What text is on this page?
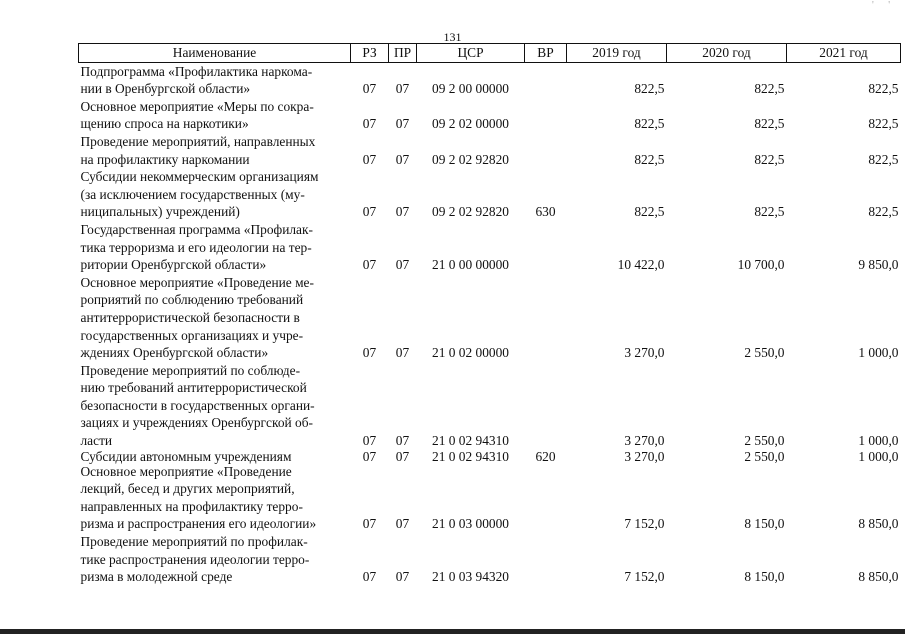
' '
131
Наименование	РЗ	ПР	ЦСР	ВР	2019 год	2020 год	2021 год

Подпрограмма «Профилактика наркома-
нии в Оренбургской области»	07	07	09 2 00 00000		822,5	822,5	822,5

Основное мероприятие «Меры по сокра-
щению спроса на наркотики»	07	07	09 2 02 00000		822,5	822,5	822,5

Проведение мероприятий, направленных
на профилактику наркомании	07	07	09 2 02 92820		822,5	822,5	822,5

Субсидии некоммерческим организациям
(за исключением государственных (му-
ниципальных) учреждений)	07	07	09 2 02 92820	630	822,5	822,5	822,5

Государственная программа «Профилак-
тика терроризма и его идеологии на тер-
ритории Оренбургской области»	07	07	21 0 00 00000		10 422,0	10 700,0	9 850,0

Основное мероприятие «Проведение ме-
роприятий по соблюдению требований
антитеррористической безопасности в
государственных организациях и учре-
ждениях Оренбургской области»	07	07	21 0 02 00000		3 270,0	2 550,0	1 000,0

Проведение мероприятий по соблюде-
нию требований антитеррористической
безопасности в государственных органи-
зациях и учреждениях Оренбургской об-
ласти	07	07	21 0 02 94310		3 270,0	2 550,0	1 000,0

Субсидии автономным учреждениям	07	07	21 0 02 94310	620	3 270,0	2 550,0	1 000,0

Основное мероприятие «Проведение
лекций, бесед и других мероприятий,
направленных на профилактику терро-
ризма и распространения его идеологии»	07	07	21 0 03 00000		7 152,0	8 150,0	8 850,0

Проведение мероприятий по профилак-
тике распространения идеологии терро-
ризма в молодежной среде	07	07	21 0 03 94320		7 152,0	8 150,0	8 850,0
